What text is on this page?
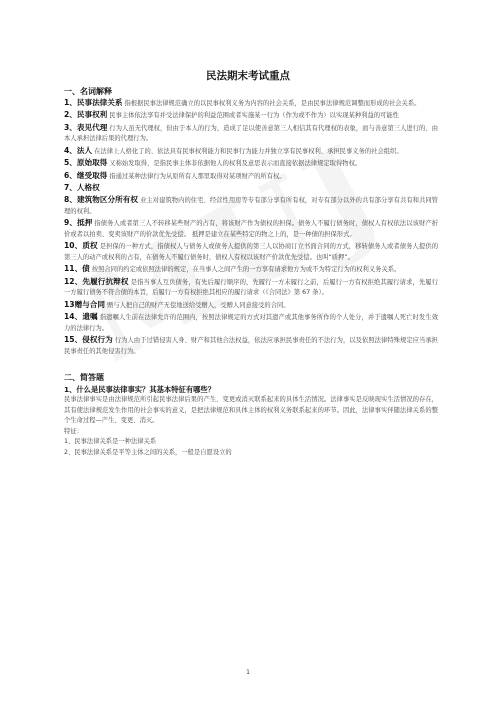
民法期末考试重点
一、名词解释
1、民事法律关系 指根据民事法律规范确立的以民事权利义务为内容的社会关系，是由民事法律规范调整而形成的社会关系。
2、民事权利 民事主体依法享有并受法律保护的利益范围或者实施某一行为（作为或不作为）以实现某种利益的可能性
3、表见代理 行为人虽无代理权，但由于本人的行为，造成了足以使善意第三人相信其有代理权的表象，而与善意第三人进行的、由本人承担法律后果的代理行为。
4、法人 在法律上人格化了的、依法具有民事权利能力和民事行为能力并独立享有民事权利、承担民事义务的社会组织。
5、原始取得 又称始发取得，是指民事主体非依据他人的权利及意思表示而直接依据法律规定取得物权。
6、继受取得 指通过某种法律行为从原所有人那里取得对某项财产的所有权。
7、人格权
8、建筑物区分所有权 业主对建筑物内的住宅、经营性用房等专有部分享有所有权，对专有部分以外的共有部分享有共有和共同管理的权利。
9、抵押 指债务人或者第三人不转移某些财产的占有，将该财产作为债权的担保。债务人不履行债务时，债权人有权依法以该财产折价或者以拍卖、变卖该财产的价款优先受偿。 抵押是建立在某些特定的物之上的，是一种债的担保形式。
10、质权 是担保的一种方式，指债权人与债务人或债务人提供的第三人以协商订立书面合同的方式，移转债务人或者债务人提供的第三人的动产或权利的占有，在债务人不履行债务时，债权人有权以该财产价款优先受偿。也叫“质押”。
11、债 按照合同的约定或依照法律的规定，在当事人之间产生的一方享有请求他方为或不为特定行为的权利义务关系。
12、先履行抗辩权 是指当事人互负债务，有先后履行顺序的，先履行一方未履行之前，后履行一方有权拒绝其履行请求，先履行一方履行债务不符合债的本旨，后履行一方有权拒绝其相应的履行请求（《合同法》第 67 条）。
13赠与合同 赠与人把自己的财产无偿地送给受赠人，受赠人同意接受的合同。
14、遗嘱 指遗嘱人生前在法律允许的范围内，按照法律规定的方式对其遗产或其他事务所作的个人处分，并于遗嘱人死亡时发生效力的法律行为。
15、侵权行为 行为人由于过错侵害人身、财产和其他合法权益，依法应承担民事责任的不法行为，以及依照法律特殊规定应当承担民事责任的其他侵害行为。
二、简答题
1、什么是民事法律事实？其基本特征有哪些？
民事法律事实是由法律规范所引起民事法律后果的产生、变更或消灭联系起来的具体生活情况。法律事实是反映现实生活情况的存在，其有使法律规范发生作用的社会事实的意义，是把法律规范和具体主体的权利义务联系起来的环节。因此，法律事实伴随法律关系的整个生命过程—产生、变更、消灭。
特征：
1、民事法律关系是一种法律关系
2、民事法律关系是平等主体之间的关系，一般是自愿设立的
1
